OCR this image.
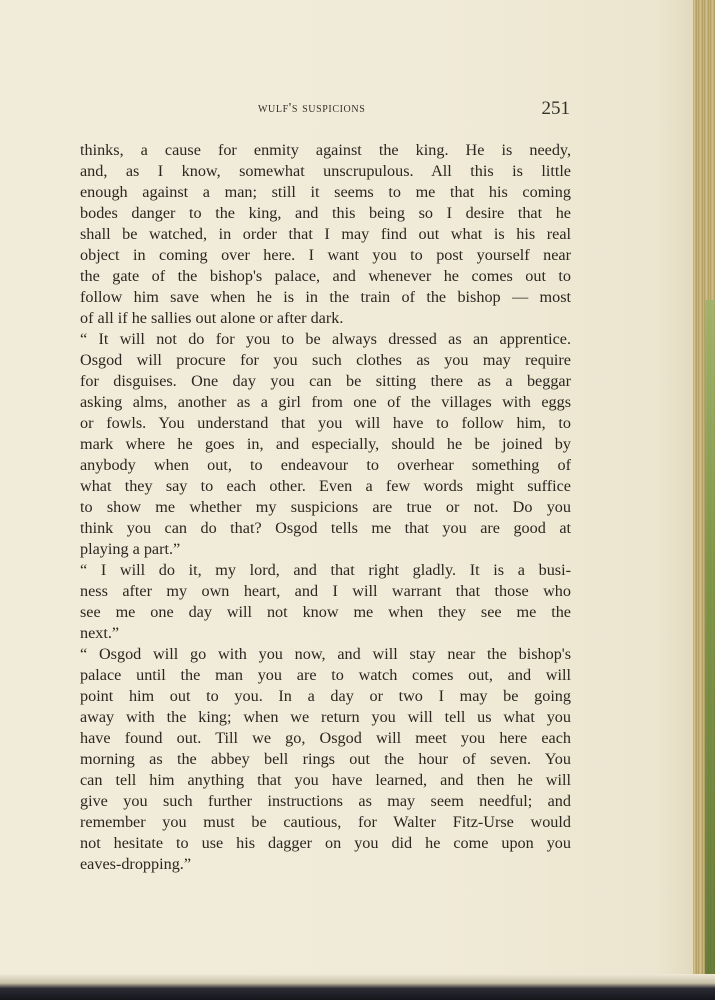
wulf's suspicions	251
thinks, a cause for enmity against the king. He is needy,
and, as I know, somewhat unscrupulous. All this is little
enough against a man; still it seems to me that his coming
bodes danger to the king, and this being so I desire that he
shall be watched, in order that I may find out what is his real
object in coming over here. I want you to post yourself near
the gate of the bishop's palace, and whenever he comes out to
follow him save when he is in the train of the bishop — most
of all if he sallies out alone or after dark.
“ It will not do for you to be always dressed as an apprentice.
Osgod will procure for you such clothes as you may require
for disguises. One day you can be sitting there as a beggar
asking alms, another as a girl from one of the villages with eggs
or fowls. You understand that you will have to follow him, to
mark where he goes in, and especially, should he be joined by
anybody when out, to endeavour to overhear something of
what they say to each other. Even a few words might suffice
to show me whether my suspicions are true or not. Do you
think you can do that? Osgod tells me that you are good at
playing a part.”
“ I will do it, my lord, and that right gladly. It is a busi-
ness after my own heart, and I will warrant that those who
see me one day will not know me when they see me the
next.”
“ Osgod will go with you now, and will stay near the bishop's
palace until the man you are to watch comes out, and will
point him out to you. In a day or two I may be going
away with the king; when we return you will tell us what you
have found out. Till we go, Osgod will meet you here each
morning as the abbey bell rings out the hour of seven. You
can tell him anything that you have learned, and then he will
give you such further instructions as may seem needful; and
remember you must be cautious, for Walter Fitz-Urse would
not hesitate to use his dagger on you did he come upon you
eaves-dropping.”
